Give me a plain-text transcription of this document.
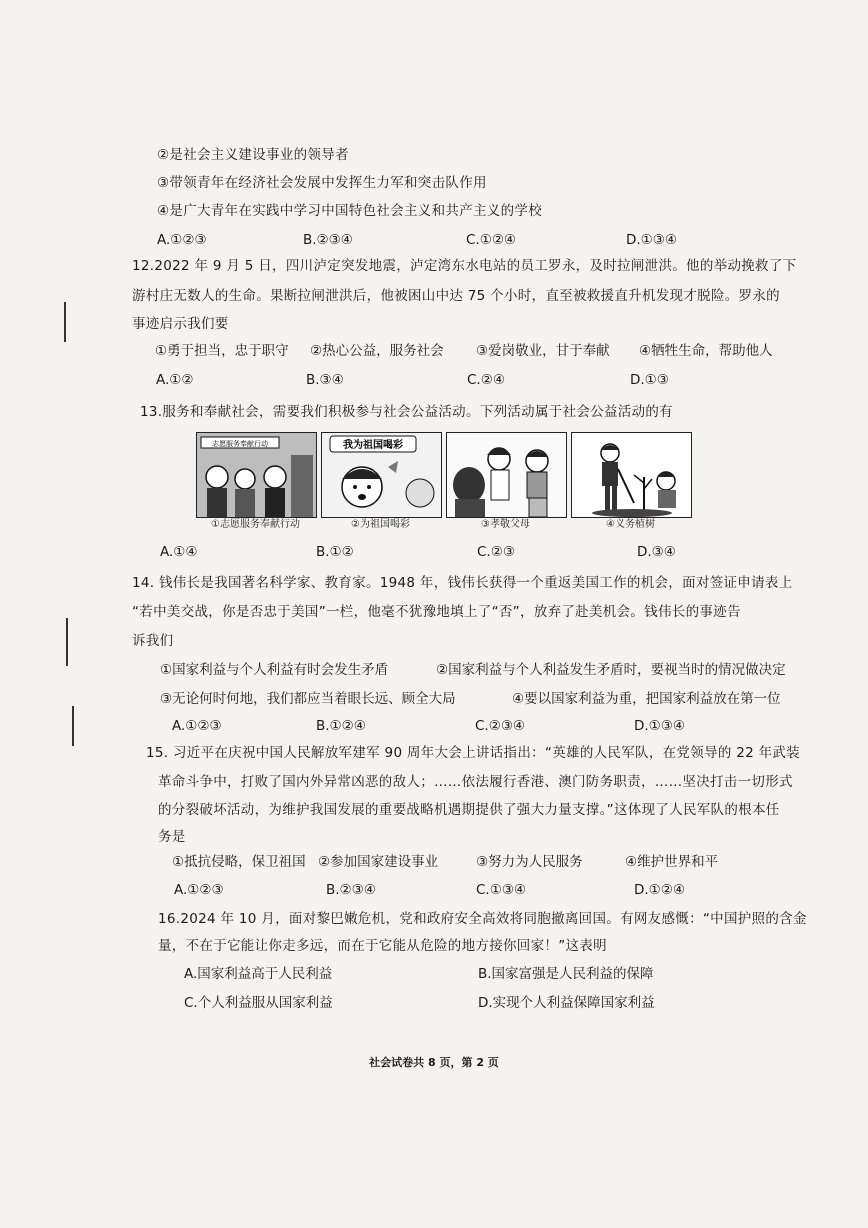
②是社会主义建设事业的领导者
③带领青年在经济社会发展中发挥生力军和突击队作用
④是广大青年在实践中学习中国特色社会主义和共产主义的学校
A.①②③	B.②③④	C.①②④	D.①③④
12.2022 年 9 月 5 日，四川泸定突发地震，泸定湾东水电站的员工罗永，及时拉闸泄洪。他的举动挽救了下
游村庄无数人的生命。果断拉闸泄洪后，他被困山中达 75 个小时，直至被救援直升机发现才脱险。罗永的
事迹启示我们要
①勇于担当，忠于职守 ②热心公益，服务社会 ③爱岗敬业，甘于奉献 ④牺牲生命，帮助他人
A.①②	B.③④	C.②④	D.①③
13.服务和奉献社会，需要我们积极参与社会公益活动。下列活动属于社会公益活动的有
志愿服务奉献行动
①志愿服务奉献行动
我为祖国喝彩
②为祖国喝彩	③孝敬父母	④义务植树
A.①④	B.①②	C.②③	D.③④
14. 钱伟长是我国著名科学家、教育家。1948 年，钱伟长获得一个重返美国工作的机会，面对签证申请表上
“若中美交战，你是否忠于美国”一栏，他毫不犹豫地填上了“否”，放弃了赴美机会。钱伟长的事迹告
诉我们
①国家利益与个人利益有时会发生矛盾	②国家利益与个人利益发生矛盾时，要视当时的情况做决定
③无论何时何地，我们都应当着眼长远、顾全大局	④要以国家利益为重，把国家利益放在第一位
A.①②③	B.①②④	C.②③④	D.①③④
15. 习近平在庆祝中国人民解放军建军 90 周年大会上讲话指出：“英雄的人民军队，在党领导的 22 年武装
革命斗争中，打败了国内外异常凶恶的敌人；……依法履行香港、澳门防务职责，……坚决打击一切形式
的分裂破坏活动，为维护我国发展的重要战略机遇期提供了强大力量支撑。”这体现了人民军队的根本任
务是
①抵抗侵略，保卫祖国 ②参加国家建设事业	③努力为人民服务	④维护世界和平
A.①②③	B.②③④	C.①③④	D.①②④
16.2024 年 10 月，面对黎巴嫩危机，党和政府安全高效将同胞撤离回国。有网友感慨：“中国护照的含金
量，不在于它能让你走多远，而在于它能从危险的地方接你回家！”这表明
A.国家利益高于人民利益	B.国家富强是人民利益的保障
C.个人利益服从国家利益	D.实现个人利益保障国家利益
社会试卷共 8 页，第 2 页
